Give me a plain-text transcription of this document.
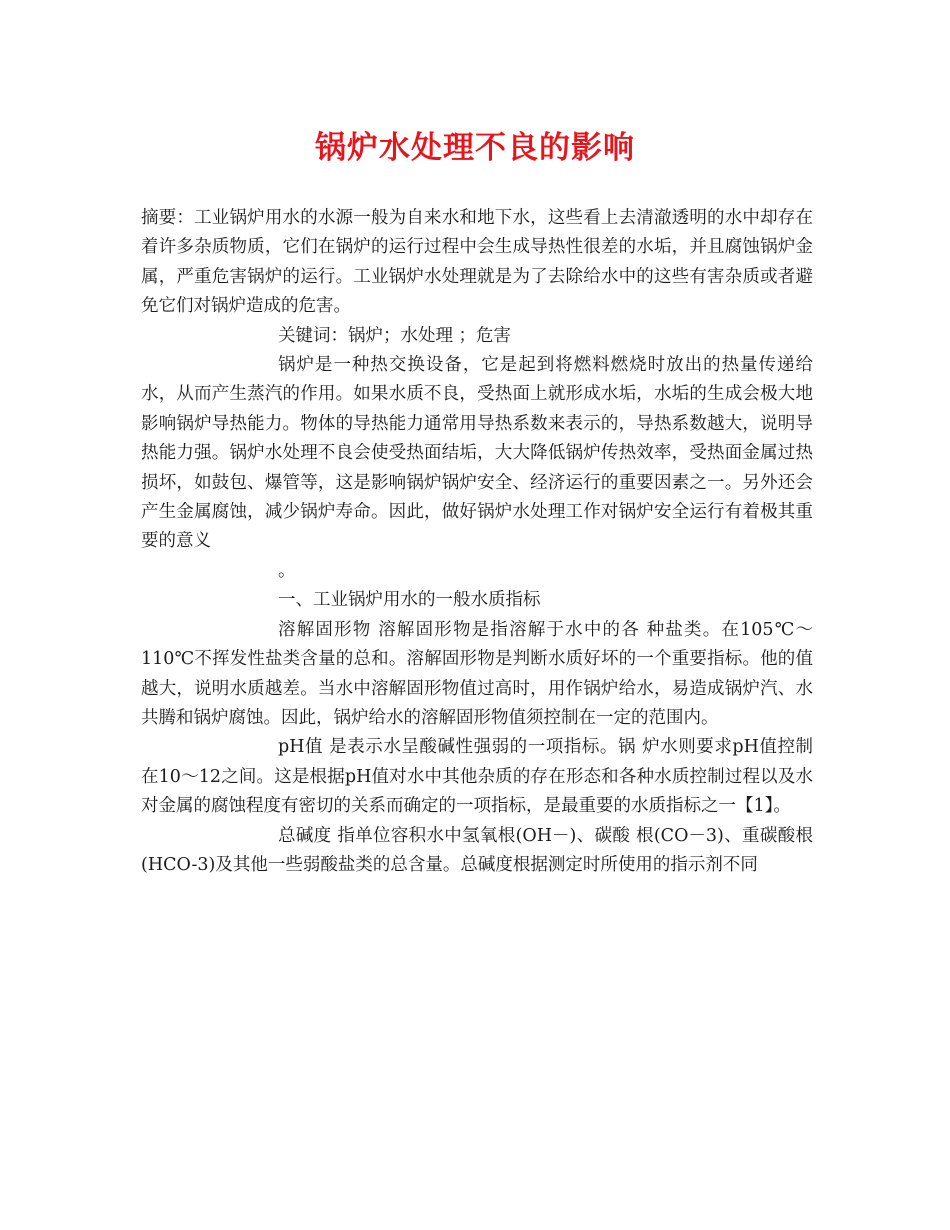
锅炉水处理不良的影响

摘要：工业锅炉用水的水源一般为自来水和地下水，这些看上去清澈透明的水中却存在着许多杂质物质，它们在锅炉的运行过程中会生成导热性很差的水垢，并且腐蚀锅炉金属，严重危害锅炉的运行。工业锅炉水处理就是为了去除给水中的这些有害杂质或者避免它们对锅炉造成的危害。

关键词：锅炉；水处理 ；危害

锅炉是一种热交换设备，它是起到将燃料燃烧时放出的热量传递给水，从而产生蒸汽的作用。如果水质不良，受热面上就形成水垢，水垢的生成会极大地影响锅炉导热能力。物体的导热能力通常用导热系数来表示的，导热系数越大，说明导热能力强。锅炉水处理不良会使受热面结垢，大大降低锅炉传热效率，受热面金属过热损坏，如鼓包、爆管等，这是影响锅炉锅炉安全、经济运行的重要因素之一。另外还会产生金属腐蚀，减少锅炉寿命。因此，做好锅炉水处理工作对锅炉安全运行有着极其重要的意义

。

一、工业锅炉用水的一般水质指标

溶解固形物 溶解固形物是指溶解于水中的各 种盐类。在105℃～110℃不挥发性盐类含量的总和。溶解固形物是判断水质好坏的一个重要指标。他的值越大，说明水质越差。当水中溶解固形物值过高时，用作锅炉给水，易造成锅炉汽、水共腾和锅炉腐蚀。因此，锅炉给水的溶解固形物值须控制在一定的范围内。

pH值 是表示水呈酸碱性强弱的一项指标。锅 炉水则要求pH值控制在10～12之间。这是根据pH值对水中其他杂质的存在形态和各种水质控制过程以及水对金属的腐蚀程度有密切的关系而确定的一项指标，是最重要的水质指标之一【1】。

总碱度 指单位容积水中氢氧根(OH－)、碳酸 根(CO－3)、重碳酸根(HCO-3)及其他一些弱酸盐类的总含量。总碱度根据测定时所使用的指示剂不同
